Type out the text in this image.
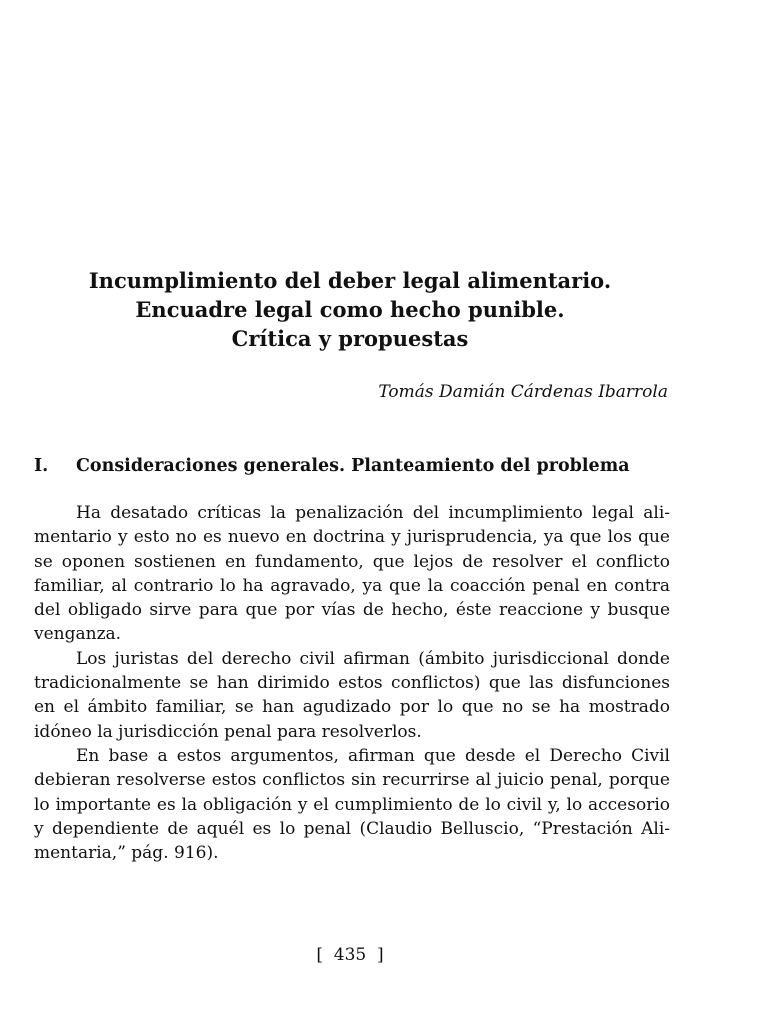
Incumplimiento del deber legal alimentario.
Encuadre legal como hecho punible.
Crítica y propuestas
Tomás Damián Cárdenas Ibarrola
I. Consideraciones generales. Planteamiento del problema
Ha desatado críticas la penalización del incumplimiento legal ali-
mentario y esto no es nuevo en doctrina y jurisprudencia, ya que los que
se oponen sostienen en fundamento, que lejos de resolver el conflicto
familiar, al contrario lo ha agravado, ya que la coacción penal en contra
del obligado sirve para que por vías de hecho, éste reaccione y busque
venganza.
Los juristas del derecho civil afirman (ámbito jurisdiccional donde
tradicionalmente se han dirimido estos conflictos) que las disfunciones
en el ámbito familiar, se han agudizado por lo que no se ha mostrado
idóneo la jurisdicción penal para resolverlos.
En base a estos argumentos, afirman que desde el Derecho Civil
debieran resolverse estos conflictos sin recurrirse al juicio penal, porque
lo importante es la obligación y el cumplimiento de lo civil y, lo accesorio
y dependiente de aquél es lo penal (Claudio Belluscio, “Prestación Ali-
mentaria,” pág. 916).
[  435  ]
